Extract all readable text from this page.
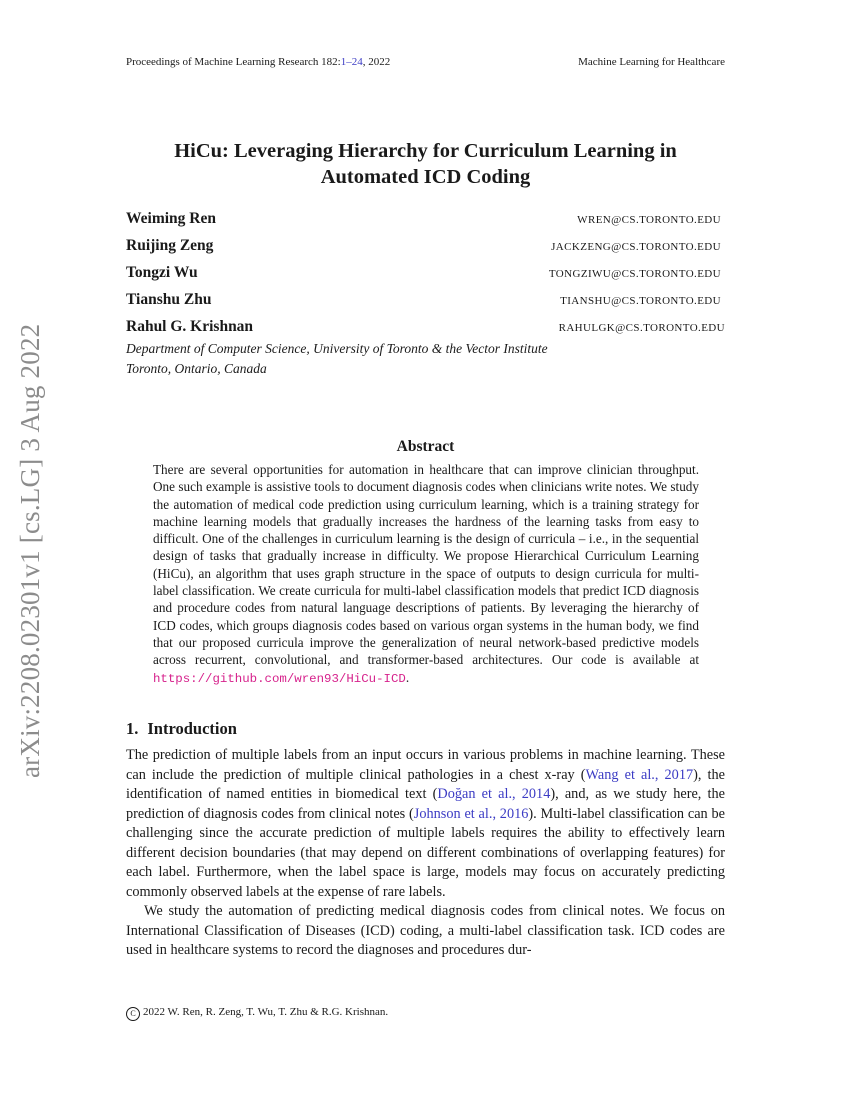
Proceedings of Machine Learning Research 182:1–24, 2022	Machine Learning for Healthcare
arXiv:2208.02301v1 [cs.LG] 3 Aug 2022
HiCu: Leveraging Hierarchy for Curriculum Learning in
Automated ICD Coding
Weiming Ren	WREN@CS.TORONTO.EDU
Ruijing Zeng	JACKZENG@CS.TORONTO.EDU
Tongzi Wu	TONGZIWU@CS.TORONTO.EDU
Tianshu Zhu	TIANSHU@CS.TORONTO.EDU
Rahul G. Krishnan	RAHULGK@CS.TORONTO.EDU
Department of Computer Science, University of Toronto & the Vector Institute
Toronto, Ontario, Canada
Abstract
There are several opportunities for automation in healthcare that can improve clinician throughput. One such example is assistive tools to document diagnosis codes when clinicians write notes. We study the automation of medical code prediction using curriculum learning, which is a training strategy for machine learning models that gradually increases the hardness of the learning tasks from easy to difficult. One of the challenges in curriculum learning is the design of curricula – i.e., in the sequential design of tasks that gradually increase in difficulty. We propose Hierarchical Curriculum Learning (HiCu), an algorithm that uses graph structure in the space of outputs to design curricula for multi-label classification. We create curricula for multi-label classification models that predict ICD diagnosis and procedure codes from natural language descriptions of patients. By leveraging the hierarchy of ICD codes, which groups diagnosis codes based on various organ systems in the human body, we find that our proposed curricula improve the generalization of neural network-based predictive models across recurrent, convolutional, and transformer-based architectures. Our code is available at https://github.com/wren93/HiCu-ICD.
1. Introduction

The prediction of multiple labels from an input occurs in various problems in machine learning. These can include the prediction of multiple clinical pathologies in a chest x-ray (Wang et al., 2017), the identification of named entities in biomedical text (Doğan et al., 2014), and, as we study here, the prediction of diagnosis codes from clinical notes (Johnson et al., 2016). Multi-label classification can be challenging since the accurate prediction of multiple labels requires the ability to effectively learn different decision boundaries (that may depend on different combinations of overlapping features) for each label. Furthermore, when the label space is large, models may focus on accurately predicting commonly observed labels at the expense of rare labels.

We study the automation of predicting medical diagnosis codes from clinical notes. We focus on International Classification of Diseases (ICD) coding, a multi-label classification task. ICD codes are used in healthcare systems to record the diagnoses and procedures dur-

C 2022 W. Ren, R. Zeng, T. Wu, T. Zhu & R.G. Krishnan.
